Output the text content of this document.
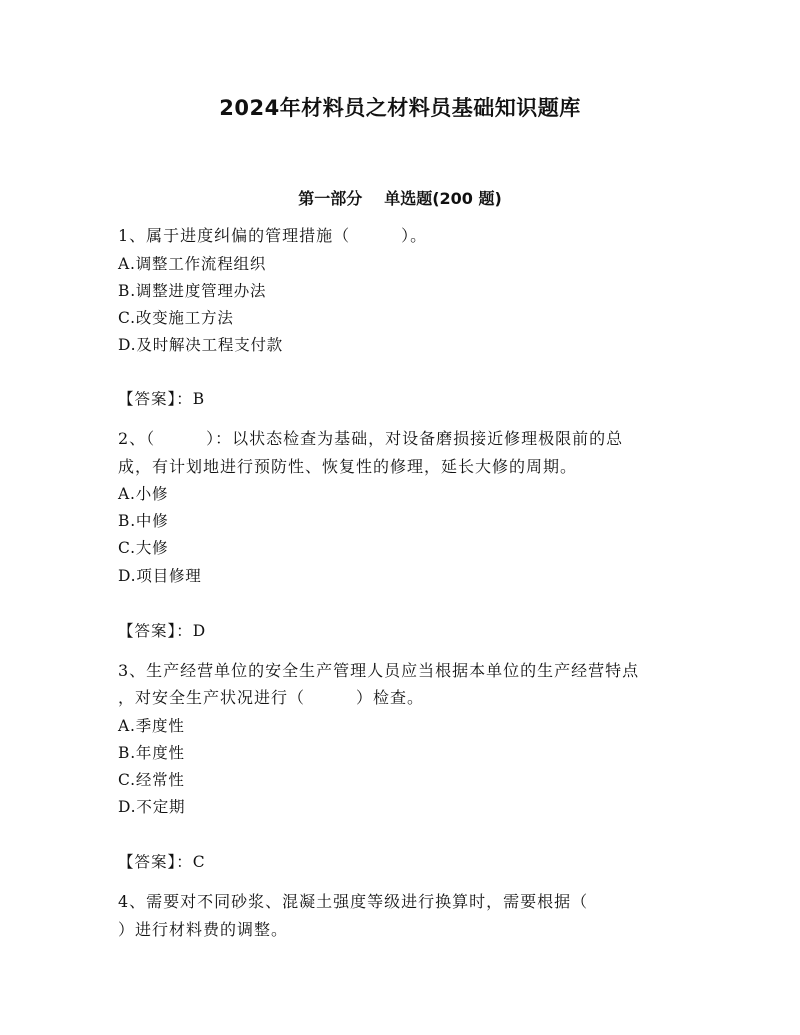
2024年材料员之材料员基础知识题库
第一部分 单选题(200 题)
1、属于进度纠偏的管理措施（　　　）。
A.调整工作流程组织
B.调整进度管理办法
C.改变施工方法
D.及时解决工程支付款
【答案】：B
2、（　　　）：以状态检查为基础，对设备磨损接近修理极限前的总
成，有计划地进行预防性、恢复性的修理，延长大修的周期。
A.小修
B.中修
C.大修
D.项目修理
【答案】：D
3、生产经营单位的安全生产管理人员应当根据本单位的生产经营特点
，对安全生产状况进行（　　　）检查。
A.季度性
B.年度性
C.经常性
D.不定期
【答案】：C
4、需要对不同砂浆、混凝土强度等级进行换算时，需要根据（
）进行材料费的调整。
